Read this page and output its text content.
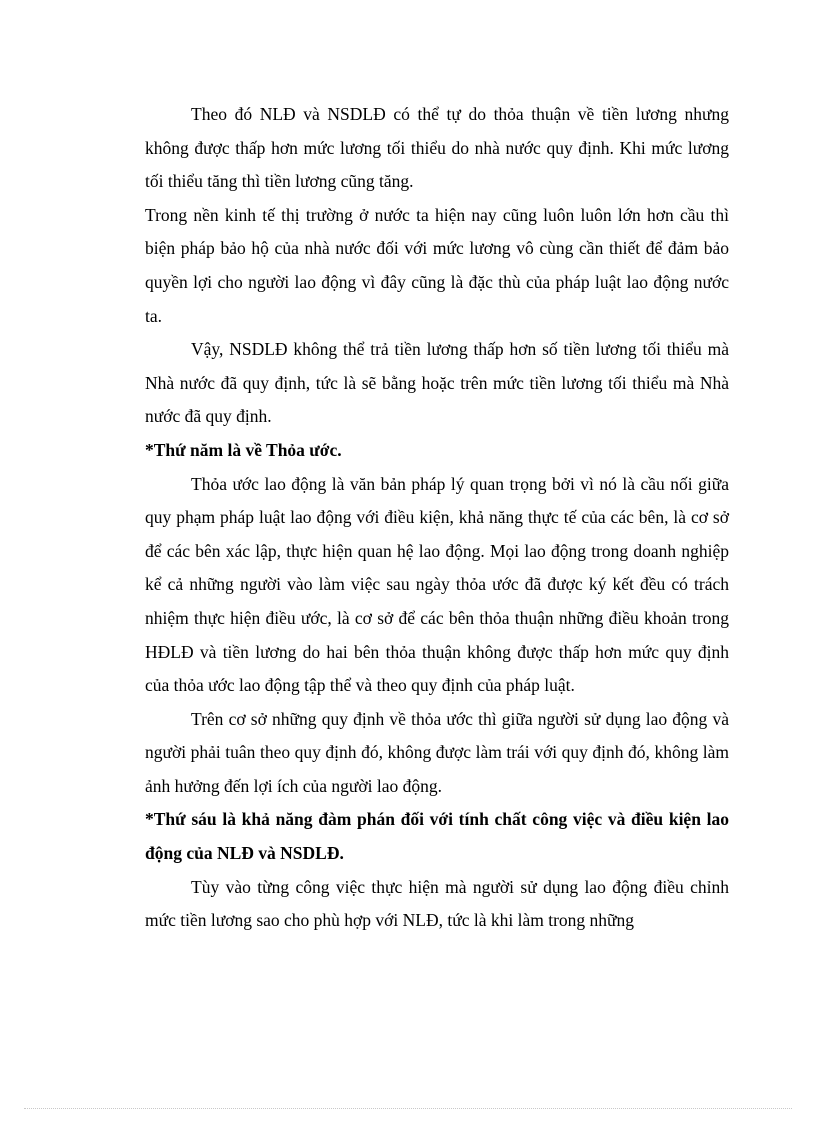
Theo đó NLĐ và NSDLĐ có thể tự do thỏa thuận về tiền lương nhưng không được thấp hơn mức lương tối thiểu do nhà nước quy định. Khi mức lương tối thiểu tăng thì tiền lương cũng tăng.

Trong nền kinh tế thị trường ở nước ta hiện nay cũng luôn luôn lớn hơn cầu thì biện pháp bảo hộ của nhà nước đối với mức lương vô cùng cần thiết để đảm bảo quyền lợi cho người lao động vì đây cũng là đặc thù của pháp luật lao động nước ta.

Vậy, NSDLĐ không thể trả tiền lương thấp hơn số tiền lương tối thiểu mà Nhà nước đã quy định, tức là sẽ bằng hoặc trên mức tiền lương tối thiểu mà Nhà nước đã quy định.

*Thứ năm là về Thỏa ước.

Thỏa ước lao động là văn bản pháp lý quan trọng bởi vì nó là cầu nối giữa quy phạm pháp luật lao động với điều kiện, khả năng thực tế của các bên, là cơ sở để các bên xác lập, thực hiện quan hệ lao động. Mọi lao động trong doanh nghiệp kể cả những người vào làm việc sau ngày thỏa ước đã được ký kết đều có trách nhiệm thực hiện điều ước, là cơ sở để các bên thỏa thuận những điều khoản trong HĐLĐ và tiền lương do hai bên thỏa thuận không được thấp hơn mức quy định của thỏa ước lao động tập thể và theo quy định của pháp luật.

Trên cơ sở những quy định về thỏa ước thì giữa người sử dụng lao động và người phải tuân theo quy định đó, không được làm trái với quy định đó, không làm ảnh hưởng đến lợi ích của người lao động.

*Thứ sáu là khả năng đàm phán đối với tính chất công việc và điều kiện lao động của NLĐ và NSDLĐ.

Tùy vào từng công việc thực hiện mà người sử dụng lao động điều chỉnh mức tiền lương sao cho phù hợp với NLĐ, tức là khi làm trong những
